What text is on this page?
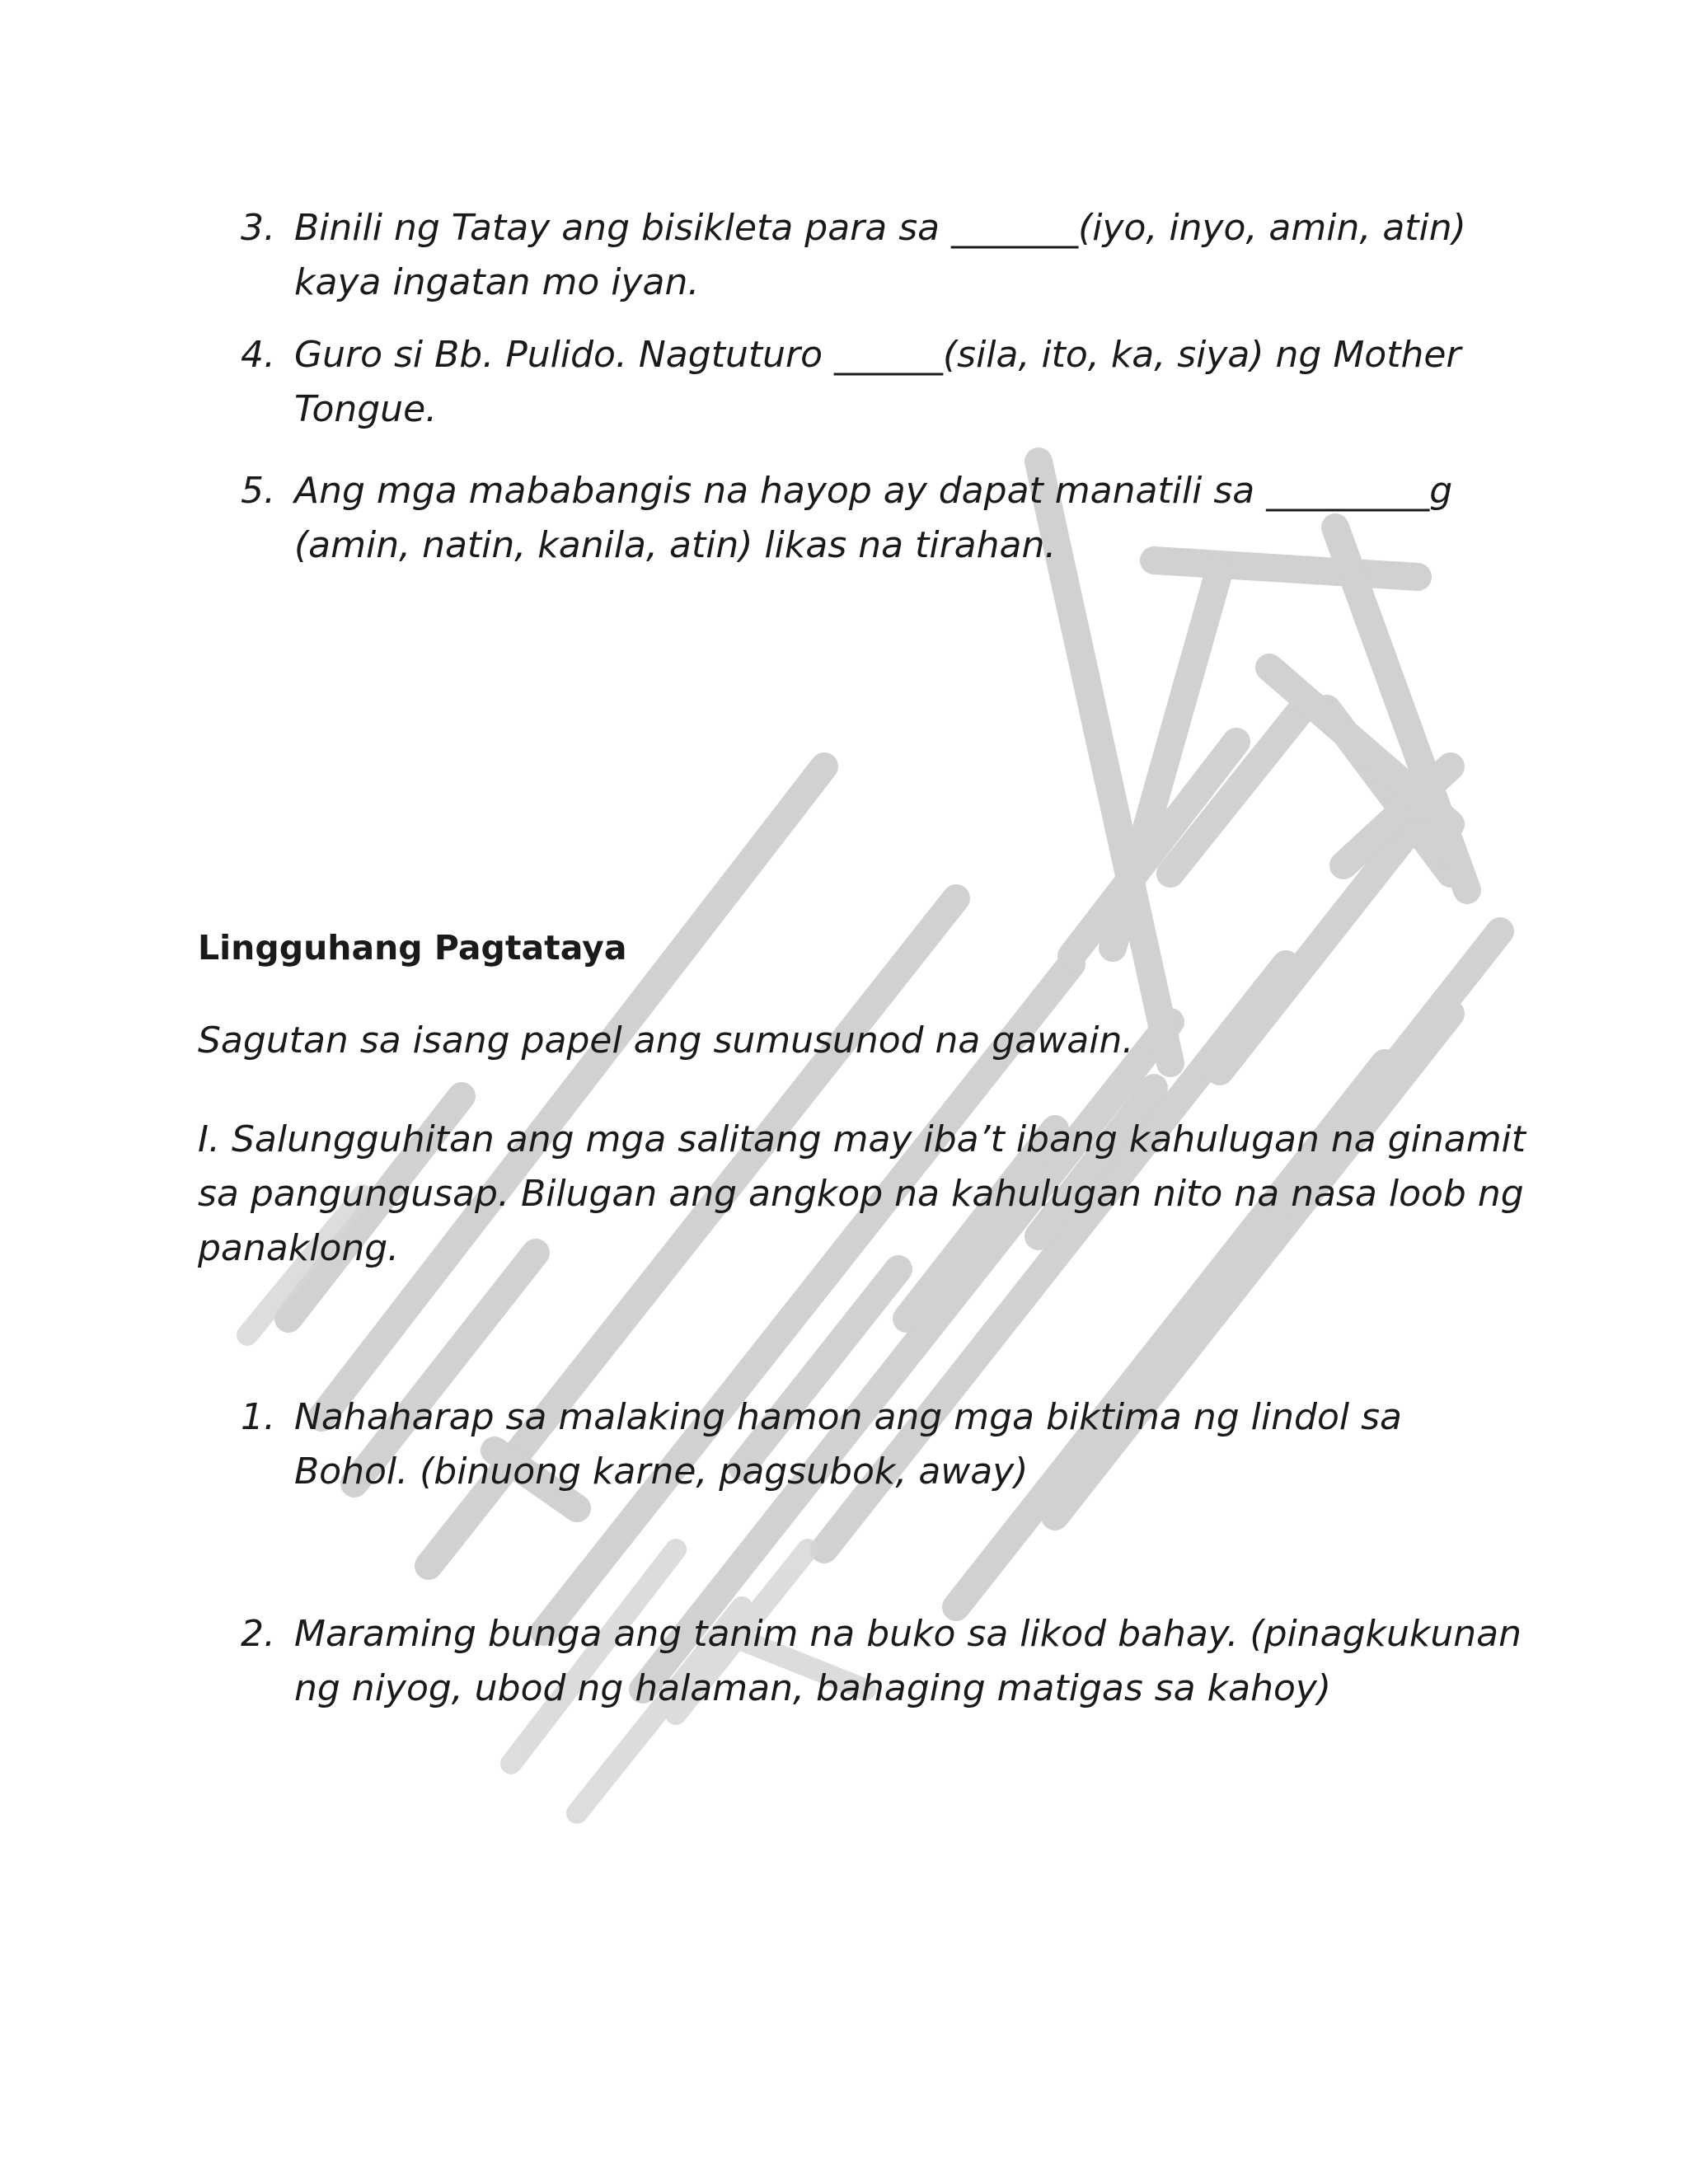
3. Binili ng Tatay ang bisikleta para sa _______(iyo, inyo, amin, atin) kaya ingatan mo iyan.
4. Guro si Bb. Pulido. Nagtuturo ______(sila, ito, ka, siya) ng Mother Tongue.
5. Ang mga mababangis na hayop ay dapat manatili sa _________g (amin, natin, kanila, atin) likas na tirahan.
Lingguhang Pagtataya
Sagutan sa isang papel ang sumusunod na gawain.
I. Salungguhitan ang mga salitang may iba’t ibang kahulugan na ginamit sa pangungusap. Bilugan ang angkop na kahulugan nito na nasa loob ng panaklong.
1. Nahaharap sa malaking hamon ang mga biktima ng lindol sa Bohol. (binuong karne, pagsubok, away)
2. Maraming bunga ang tanim na buko sa likod bahay. (pinagkukunan ng niyog, ubod ng halaman, bahaging matigas sa kahoy)
